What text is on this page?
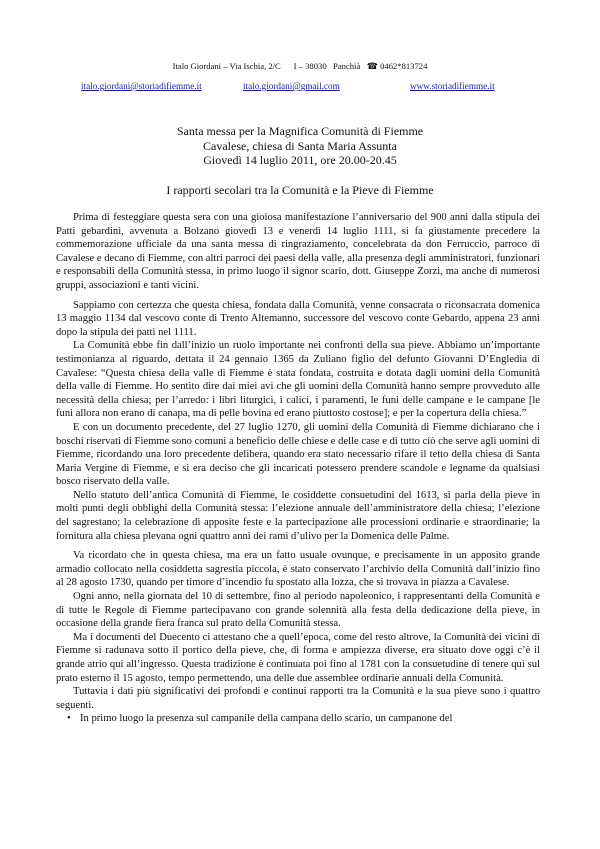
Italo Giordani – Via Ischia, 2/C      I – 38030   Panchià ☎ 0462*813724
italo.giordani@storiadifiemme.it	italo.giordani@gmail.com	www.storiadifiemme.it
Santa messa per la Magnifica Comunità di Fiemme
Cavalese, chiesa di Santa Maria Assunta
Giovedì 14 luglio 2011, ore 20.00-20.45
I rapporti secolari tra la Comunità e la Pieve di Fiemme

Prima di festeggiare questa sera con una gioiosa manifestazione l’anniversario del 900 anni dalla stipula dei Patti gebardini, avvenuta a Bolzano giovedì 13 e venerdì 14 luglio 1111, si fa giustamente precedere la commemorazione ufficiale da una santa messa di ringraziamento, concelebrata da don Ferruccio, parroco di Cavalese e decano di Fiemme, con altri parroci dei paesi della valle, alla presenza degli amministratori, funzionari e responsabili della Comunità stessa, in primo luogo il signor scario, dott. Giuseppe Zorzi, ma anche di numerosi gruppi, associazioni e tanti vicini.

Sappiamo con certezza che questa chiesa, fondata dalla Comunità, venne consacrata o riconsacrata domenica 13 maggio 1134 dal vescovo conte di Trento Altemanno, successore del vescovo conte Gebardo, appena 23 anni dopo la stipula dei patti nel 1111.

La Comunità ebbe fin dall’inizio un ruolo importante nei confronti della sua pieve. Abbiamo un’importante testimonianza al riguardo, dettata il 24 gennaio 1365 da Zuliano figlio del defunto Giovanni D’Engledia di Cavalese: “Questa chiesa della valle di Fiemme è stata fondata, costruita e dotata dagli uomini della Comunità della valle di Fiemme. Ho sentito dire dai miei avi che gli uomini della Comunità hanno sempre provveduto alle necessità della chiesa; per l’arredo: i libri liturgici, i calici, i paramenti, le funi delle campane e le campane [le funi allora non erano di canapa, ma di pelle bovina ed erano piuttosto costose]; e per la copertura della chiesa.”

E con un documento precedente, del 27 luglio 1270, gli uomini della Comunità di Fiemme dichiarano che i boschi riservati di Fiemme sono comuni a beneficio delle chiese e delle case e di tutto ciò che serve agli uomini di Fiemme, ricordando una loro precedente delibera, quando era stato necessario rifare il tetto della chiesa di Santa Maria Vergine di Fiemme, e si era deciso che gli incaricati potessero prendere scandole e legname da qualsiasi bosco riservato della valle.

Nello statuto dell’antica Comunità di Fiemme, le cosiddette consuetudini del 1613, si parla della pieve in molti punti degli obblighi della Comunità stessa: l’elezione annuale dell’amministratore della chiesa; l’elezione del sagrestano; la celebrazione di apposite feste e la partecipazione alle processioni ordinarie e straordinarie; la fornitura alla chiesa plevana ogni quattro anni dei rami d’ulivo per la Domenica delle Palme.

Va ricordato che in questa chiesa, ma era un fatto usuale ovunque, e precisamente in un apposito grande armadio collocato nella cosiddetta sagrestia piccola, è stato conservato l’archivio della Comunità dall’inizio fino al 28 agosto 1730, quando per timore d’incendio fu spostato alla lozza, che si trovava in piazza a Cavalese.

Ogni anno, nella giornata del 10 di settembre, fino al periodo napoleonico, i rappresentanti della Comunità e di tutte le Regole di Fiemme partecipavano con grande solennità alla festa della dedicazione della pieve, in occasione della grande fiera franca sul prato della Comunità stessa.

Ma i documenti del Duecento ci attestano che a quell’epoca, come del resto altrove, la Comunità dei vicini di Fiemme si radunava sotto il portico della pieve, che, di forma e ampiezza diverse, era situato dove oggi c’è il grande atrio qui all’ingresso. Questa tradizione è continuata poi fino al 1781 con la consuetudine di tenere qui sul prato esterno il 15 agosto, tempo permettendo, una delle due assemblee ordinarie annuali della Comunità.

Tuttavia i dati più significativi dei profondi e continui rapporti tra la Comunità e la sua pieve sono i quattro seguenti.

• In primo luogo la presenza sul campanile della campana dello scario, un campanone del
